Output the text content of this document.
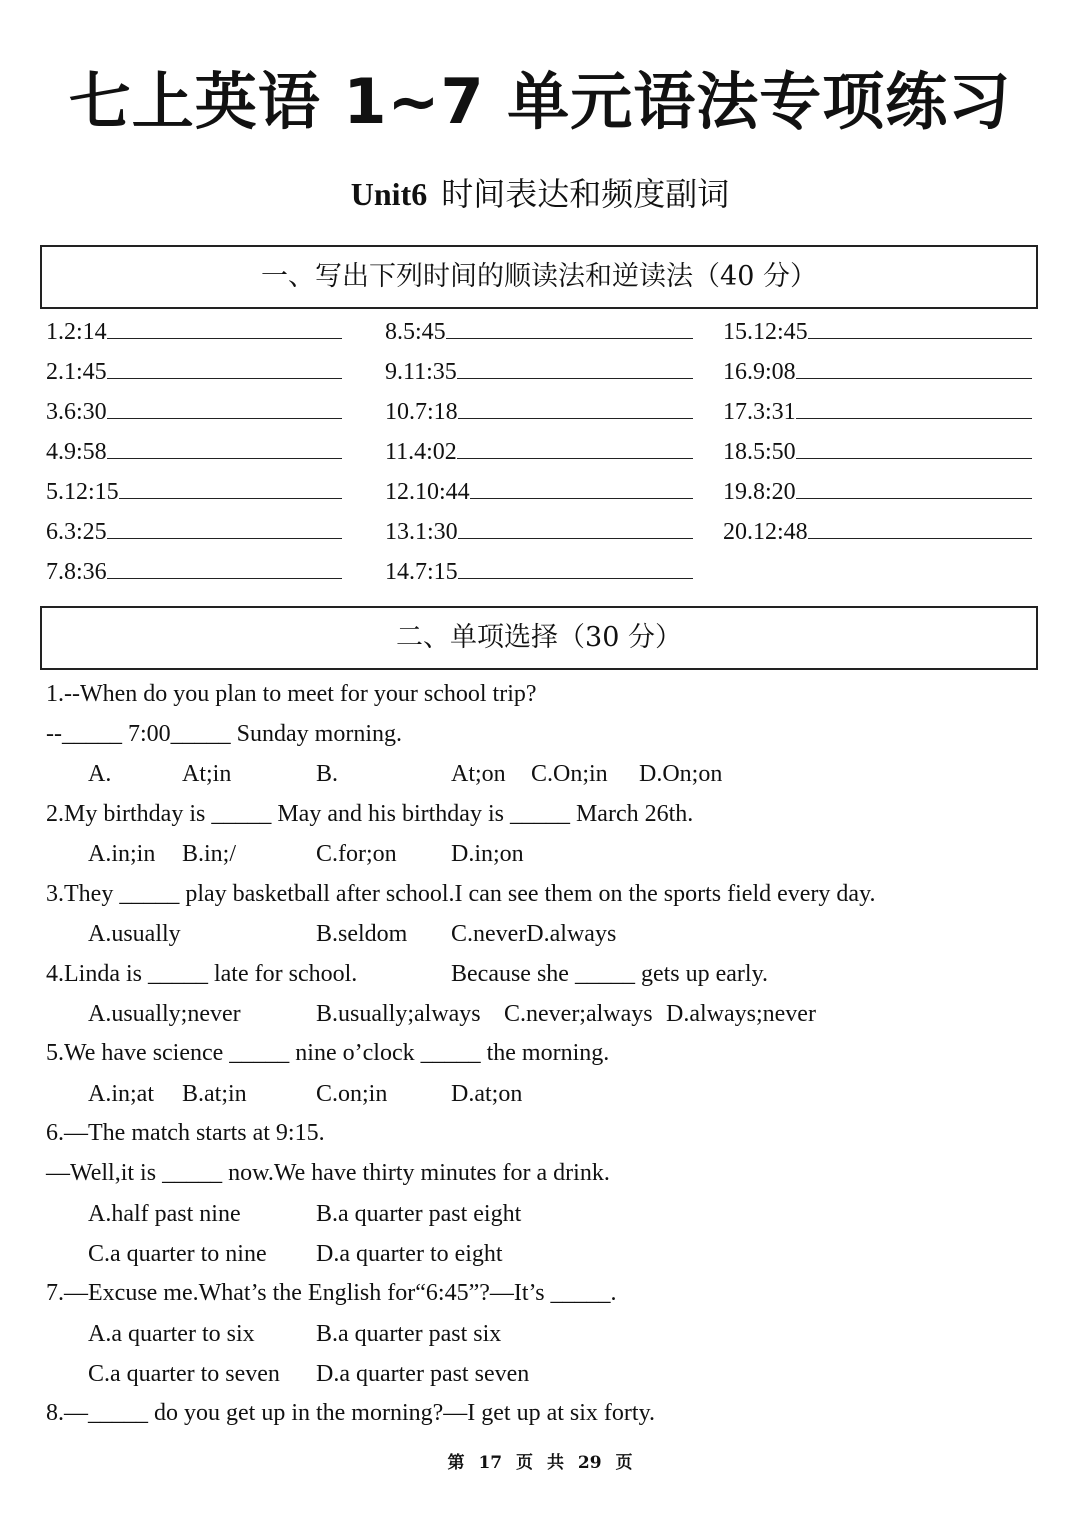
七上英语 1~7 单元语法专项练习
Unit6 时间表达和频度副词
一、写出下列时间的顺读法和逆读法（40 分）
1.2:14
2.1:45
3.6:30
4.9:58
5.12:15
6.3:25
7.8:36
8.5:45
9.11:35
10.7:18
11.4:02
12.10:44
13.1:30
14.7:15
15.12:45
16.9:08
17.3:31
18.5:50
19.8:20
20.12:48
二、单项选择（30 分）
1.--When do you plan to meet for your school trip?
--_____ 7:00_____ Sunday morning.
A.	At;in	B.	At;on C.On;in D.On;on
2.My birthday is _____ May and his birthday is _____ March 26th.
A.in;in B.in;/	C.for;on D.in;on
3.They _____ play basketball after school.I can see them on the sports field every day.
A.usually	B.seldom C.neverD.always
4.Linda is _____ late for school.	Because she _____ gets up early.
A.usually;never	B.usually;always C.never;always D.always;never
5.We have science _____ nine o’clock _____ the morning.
A.in;at B.at;in	C.on;in	D.at;on
6.—The match starts at 9:15.
—Well,it is _____ now.We have thirty minutes for a drink.
A.half past nine	B.a quarter past eight
C.a quarter to nine D.a quarter to eight
7.—Excuse me.What’s the English for“6:45”?—It’s _____.
A.a quarter to six	B.a quarter past six
C.a quarter to seven D.a quarter past seven
8.—_____ do you get up in the morning?—I get up at six forty.
第 17 页 共 29 页
